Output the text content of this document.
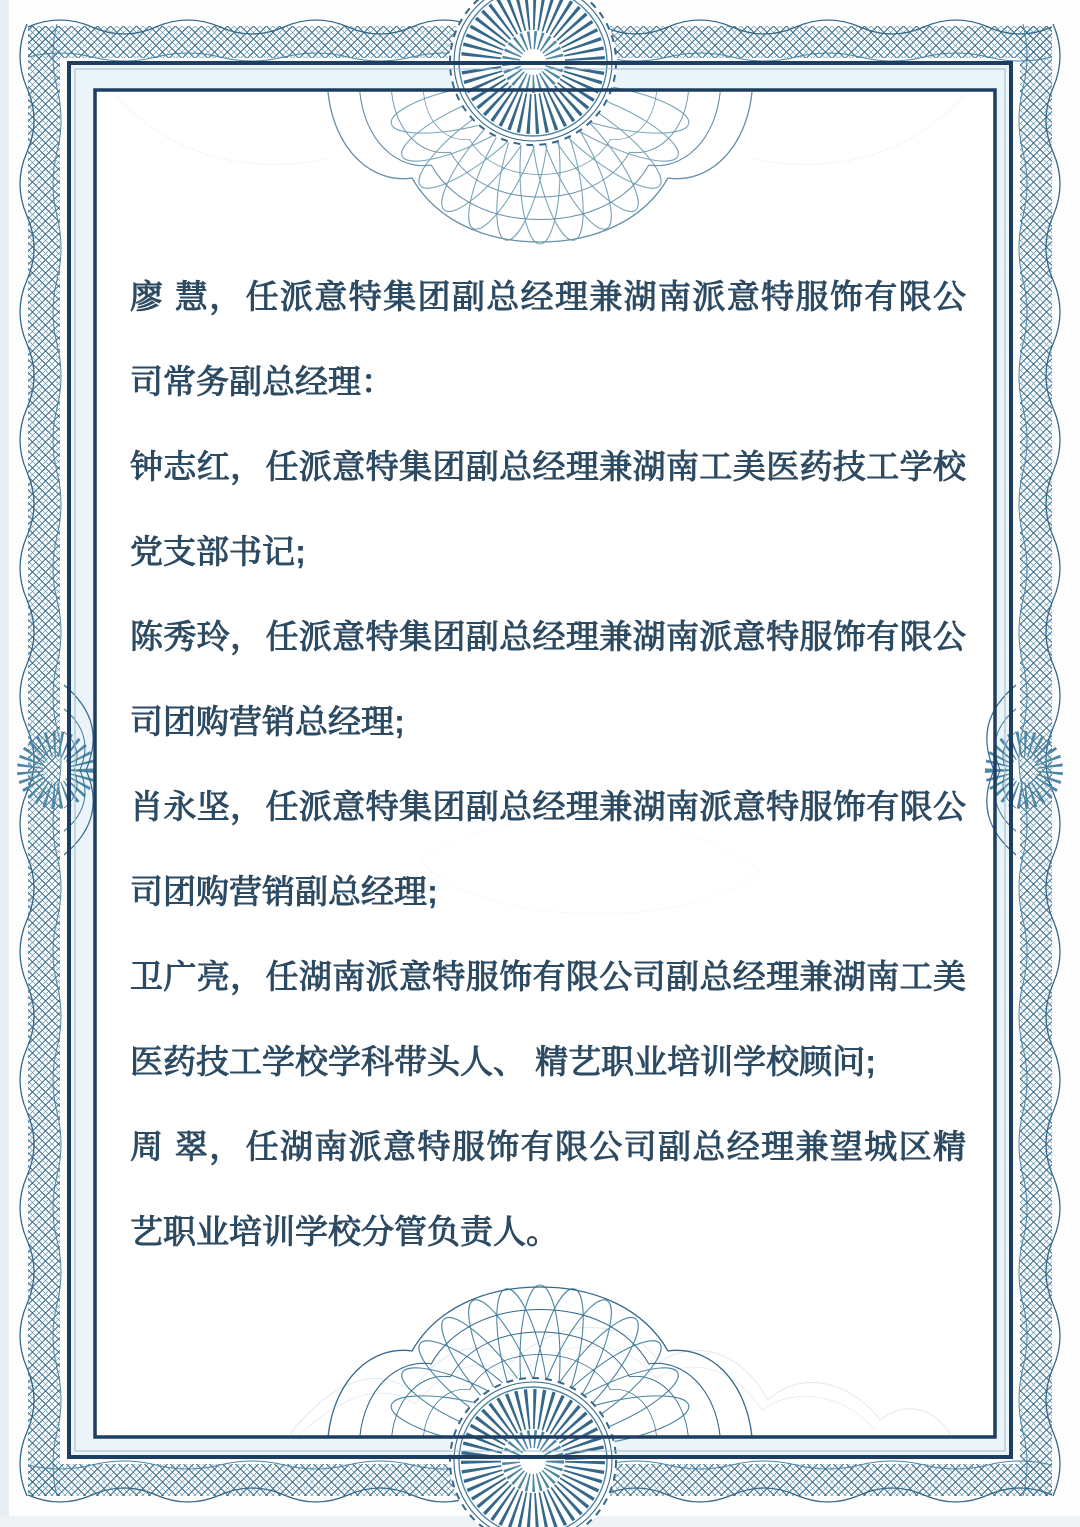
廖 慧，任派意特集团副总经理兼湖南派意特服饰有限公司常务副总经理：

钟志红，任派意特集团副总经理兼湖南工美医药技工学校党支部书记;

陈秀玲，任派意特集团副总经理兼湖南派意特服饰有限公司团购营销总经理;

肖永坚，任派意特集团副总经理兼湖南派意特服饰有限公司团购营销副总经理;

卫广亮，任湖南派意特服饰有限公司副总经理兼湖南工美医药技工学校学科带头人、 精艺职业培训学校顾问;

周 翠，任湖南派意特服饰有限公司副总经理兼望城区精艺职业培训学校分管负责人。
